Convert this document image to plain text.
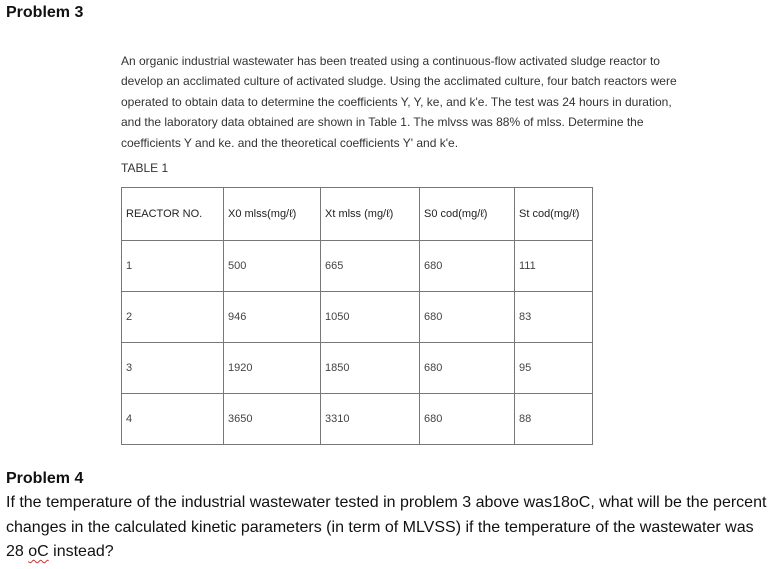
Problem 3

An organic industrial wastewater has been treated using a continuous-flow activated sludge reactor to develop an acclimated culture of activated sludge. Using the acclimated culture, four batch reactors were operated to obtain data to determine the coefficients Y, Y, ke, and k'e. The test was 24 hours in duration, and the laboratory data obtained are shown in Table 1. The mlvss was 88% of mlss. Determine the coefficients Y and ke. and the theoretical coefficients Y' and k'e.

TABLE 1
REACTOR NO.	X0 mlss(mg/ℓ)	Xt mlss (mg/ℓ)	S0 cod(mg/ℓ)	St cod(mg/ℓ)
1	500	665	680	111
2	946	1050	680	83
3	1920	1850	680	95
4	3650	3310	680	88
Problem 4
If the temperature of the industrial wastewater tested in problem 3 above was18oC, what will be the percent changes in the calculated kinetic parameters (in term of MLVSS) if the temperature of the wastewater was 28 oC instead?
